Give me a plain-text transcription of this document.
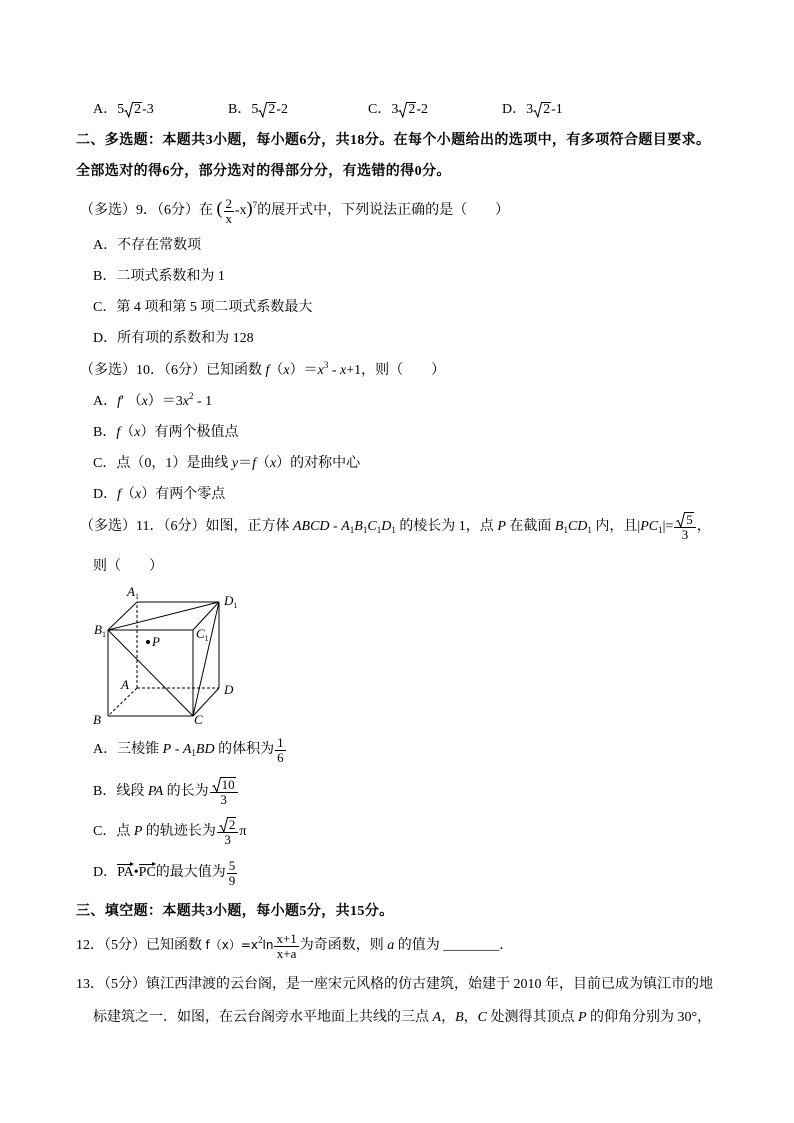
A．5 2-3	B．5 2-2	C．3 2-2	D．3 2-1
二、多选题：本题共3小题，每小题6分，共18分。在每个小题给出的选项中，有多项符合题目要求。
全部选对的得6分，部分选对的得部分分，有选错的得0分。
（多选）9．（6分）在 ( $\frac{2}{x} -x)^7$的展开式中，下列说法正确的是（　　）
A．不存在常数项
B．二项式系数和为 1
C．第 4 项和第 5 项二项式系数最大
D．所有项的系数和为 128
（多选）10．（6分）已知函数 $f(x)=x^3 - x+1$，则（　　）
A．f′ $(x)=3x^2 - 1$
B．f（x）有两个极值点
C．点（0，1）是曲线 y＝f（x）的对称中心
D．f（x）有两个零点
（多选）11．（6分）如图，正方体 ABCD - $A_1B_1C_1D_1$ 的棱长为 1，点 P 在截面 $B_1CD_1$ 内，且$|PC_1|= \frac{5}{3}$ ，
则（　　）
$A_1$	$D_1$
$B_1$	$C_1$
A	D
B	C
P
A．三棱锥 P - $A_1BD$ 的体积为 $\frac{1}{6}$
B．线段 PA 的长为 $\frac{10}{3}$
C．点 P 的轨迹长为 $\frac{2}{3}$ π
D．PA•PC的最大值为 $\frac{5}{9}$
三、填空题：本题共3小题，每小题5分，共15分。
12．（5分）已知函数 $f(x)=x^2\ln \frac{x+1}{x+a}$ 为奇函数，则 a 的值为 ________．
13．（5分）镇江西津渡的云台阁，是一座宋元风格的仿古建筑，始建于 2010 年，目前已成为镇江市的地
标建筑之一．如图，在云台阁旁水平地面上共线的三点 A，B，C 处测得其顶点 P 的仰角分别为 30°，
